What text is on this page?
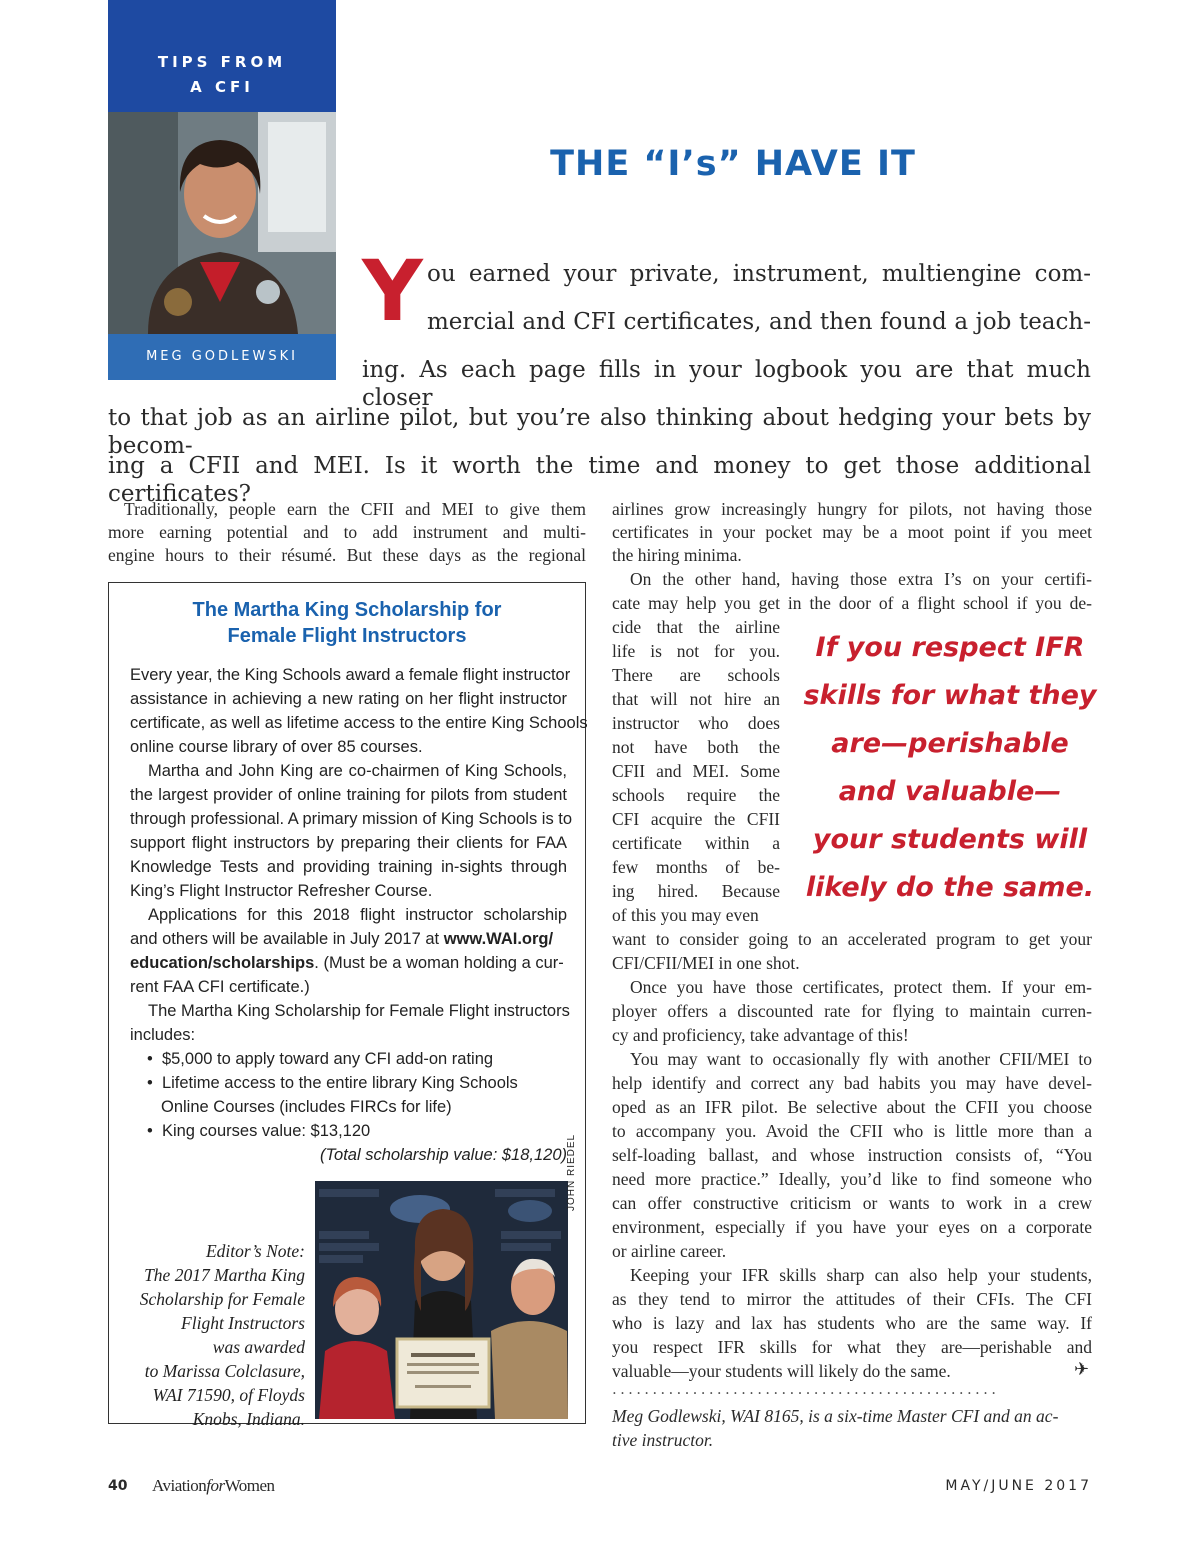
TIPS FROM
A CFI
MEG GODLEWSKI
THE “I’s” HAVE IT
Y ou earned your private, instrument, multiengine com-
mercial and CFI certificates, and then found a job teach-
ing. As each page fills in your logbook you are that much closer
to that job as an airline pilot, but you’re also thinking about hedging your bets by becom-
ing a CFII and MEI. Is it worth the time and money to get those additional certificates?
Traditionally, people earn the CFII and MEI to give them
more earning potential and to add instrument and multi-
engine hours to their résumé. But these days as the regional
The Martha King Scholarship for
Female Flight Instructors
Every year, the King Schools award a female flight instructor
assistance in achieving a new rating on her flight instructor
certificate, as well as lifetime access to the entire King Schools
online course library of over 85 courses.
Martha and John King are co-chairmen of King Schools,
the largest provider of online training for pilots from student
through professional. A primary mission of King Schools is to
support flight instructors by preparing their clients for FAA
Knowledge Tests and providing training in-sights through
King’s Flight Instructor Refresher Course.
Applications for this 2018 flight instructor scholarship
and others will be available in July 2017 at www.WAI.org/
education/scholarships. (Must be a woman holding a cur-
rent FAA CFI certificate.)
The Martha King Scholarship for Female Flight instructors
includes:
•  $5,000 to apply toward any CFI add-on rating
•  Lifetime access to the entire library King Schools
Online Courses (includes FIRCs for life)
•  King courses value: $13,120
(Total scholarship value: $18,120) JOHN RIEDEL
Editor’s Note:
The 2017 Martha King
Scholarship for Female
Flight Instructors
was awarded
to Marissa Colclasure,
WAI 71590, of Floyds
Knobs, Indiana.
airlines grow increasingly hungry for pilots, not having those
certificates in your pocket may be a moot point if you meet
the hiring minima.
On the other hand, having those extra I’s on your certifi-
cate may help you get in the door of a flight school if you de-
cide that the airline
life is not for you.
There are schools
that will not hire an
instructor who does
not have both the
CFII and MEI. Some
schools require the
CFI acquire the CFII
certificate within a
few months of be-
ing hired. Because
of this you may even
If you respect IFR
skills for what they
are—perishable
and valuable—
your students will
likely do the same.
want to consider going to an accelerated program to get your
CFI/CFII/MEI in one shot.
Once you have those certificates, protect them. If your em-
ployer offers a discounted rate for flying to maintain curren-
cy and proficiency, take advantage of this!
You may want to occasionally fly with another CFII/MEI to
help identify and correct any bad habits you may have devel-
oped as an IFR pilot. Be selective about the CFII you choose
to accompany you. Avoid the CFII who is little more than a
self-loading ballast, and whose instruction consists of, “You
need more practice.” Ideally, you’d like to find someone who
can offer constructive criticism or wants to work in a crew
environment, especially if you have your eyes on a corporate
or airline career.
Keeping your IFR skills sharp can also help your students,
as they tend to mirror the attitudes of their CFIs. The CFI
who is lazy and lax has students who are the same way. If
you respect IFR skills for what they are—perishable and
valuable—your students will likely do the same.	✈
................................................
Meg Godlewski, WAI 8165, is a six-time Master CFI and an ac-
tive instructor.
40 AviationforWomen	MAY/JUNE 2017
